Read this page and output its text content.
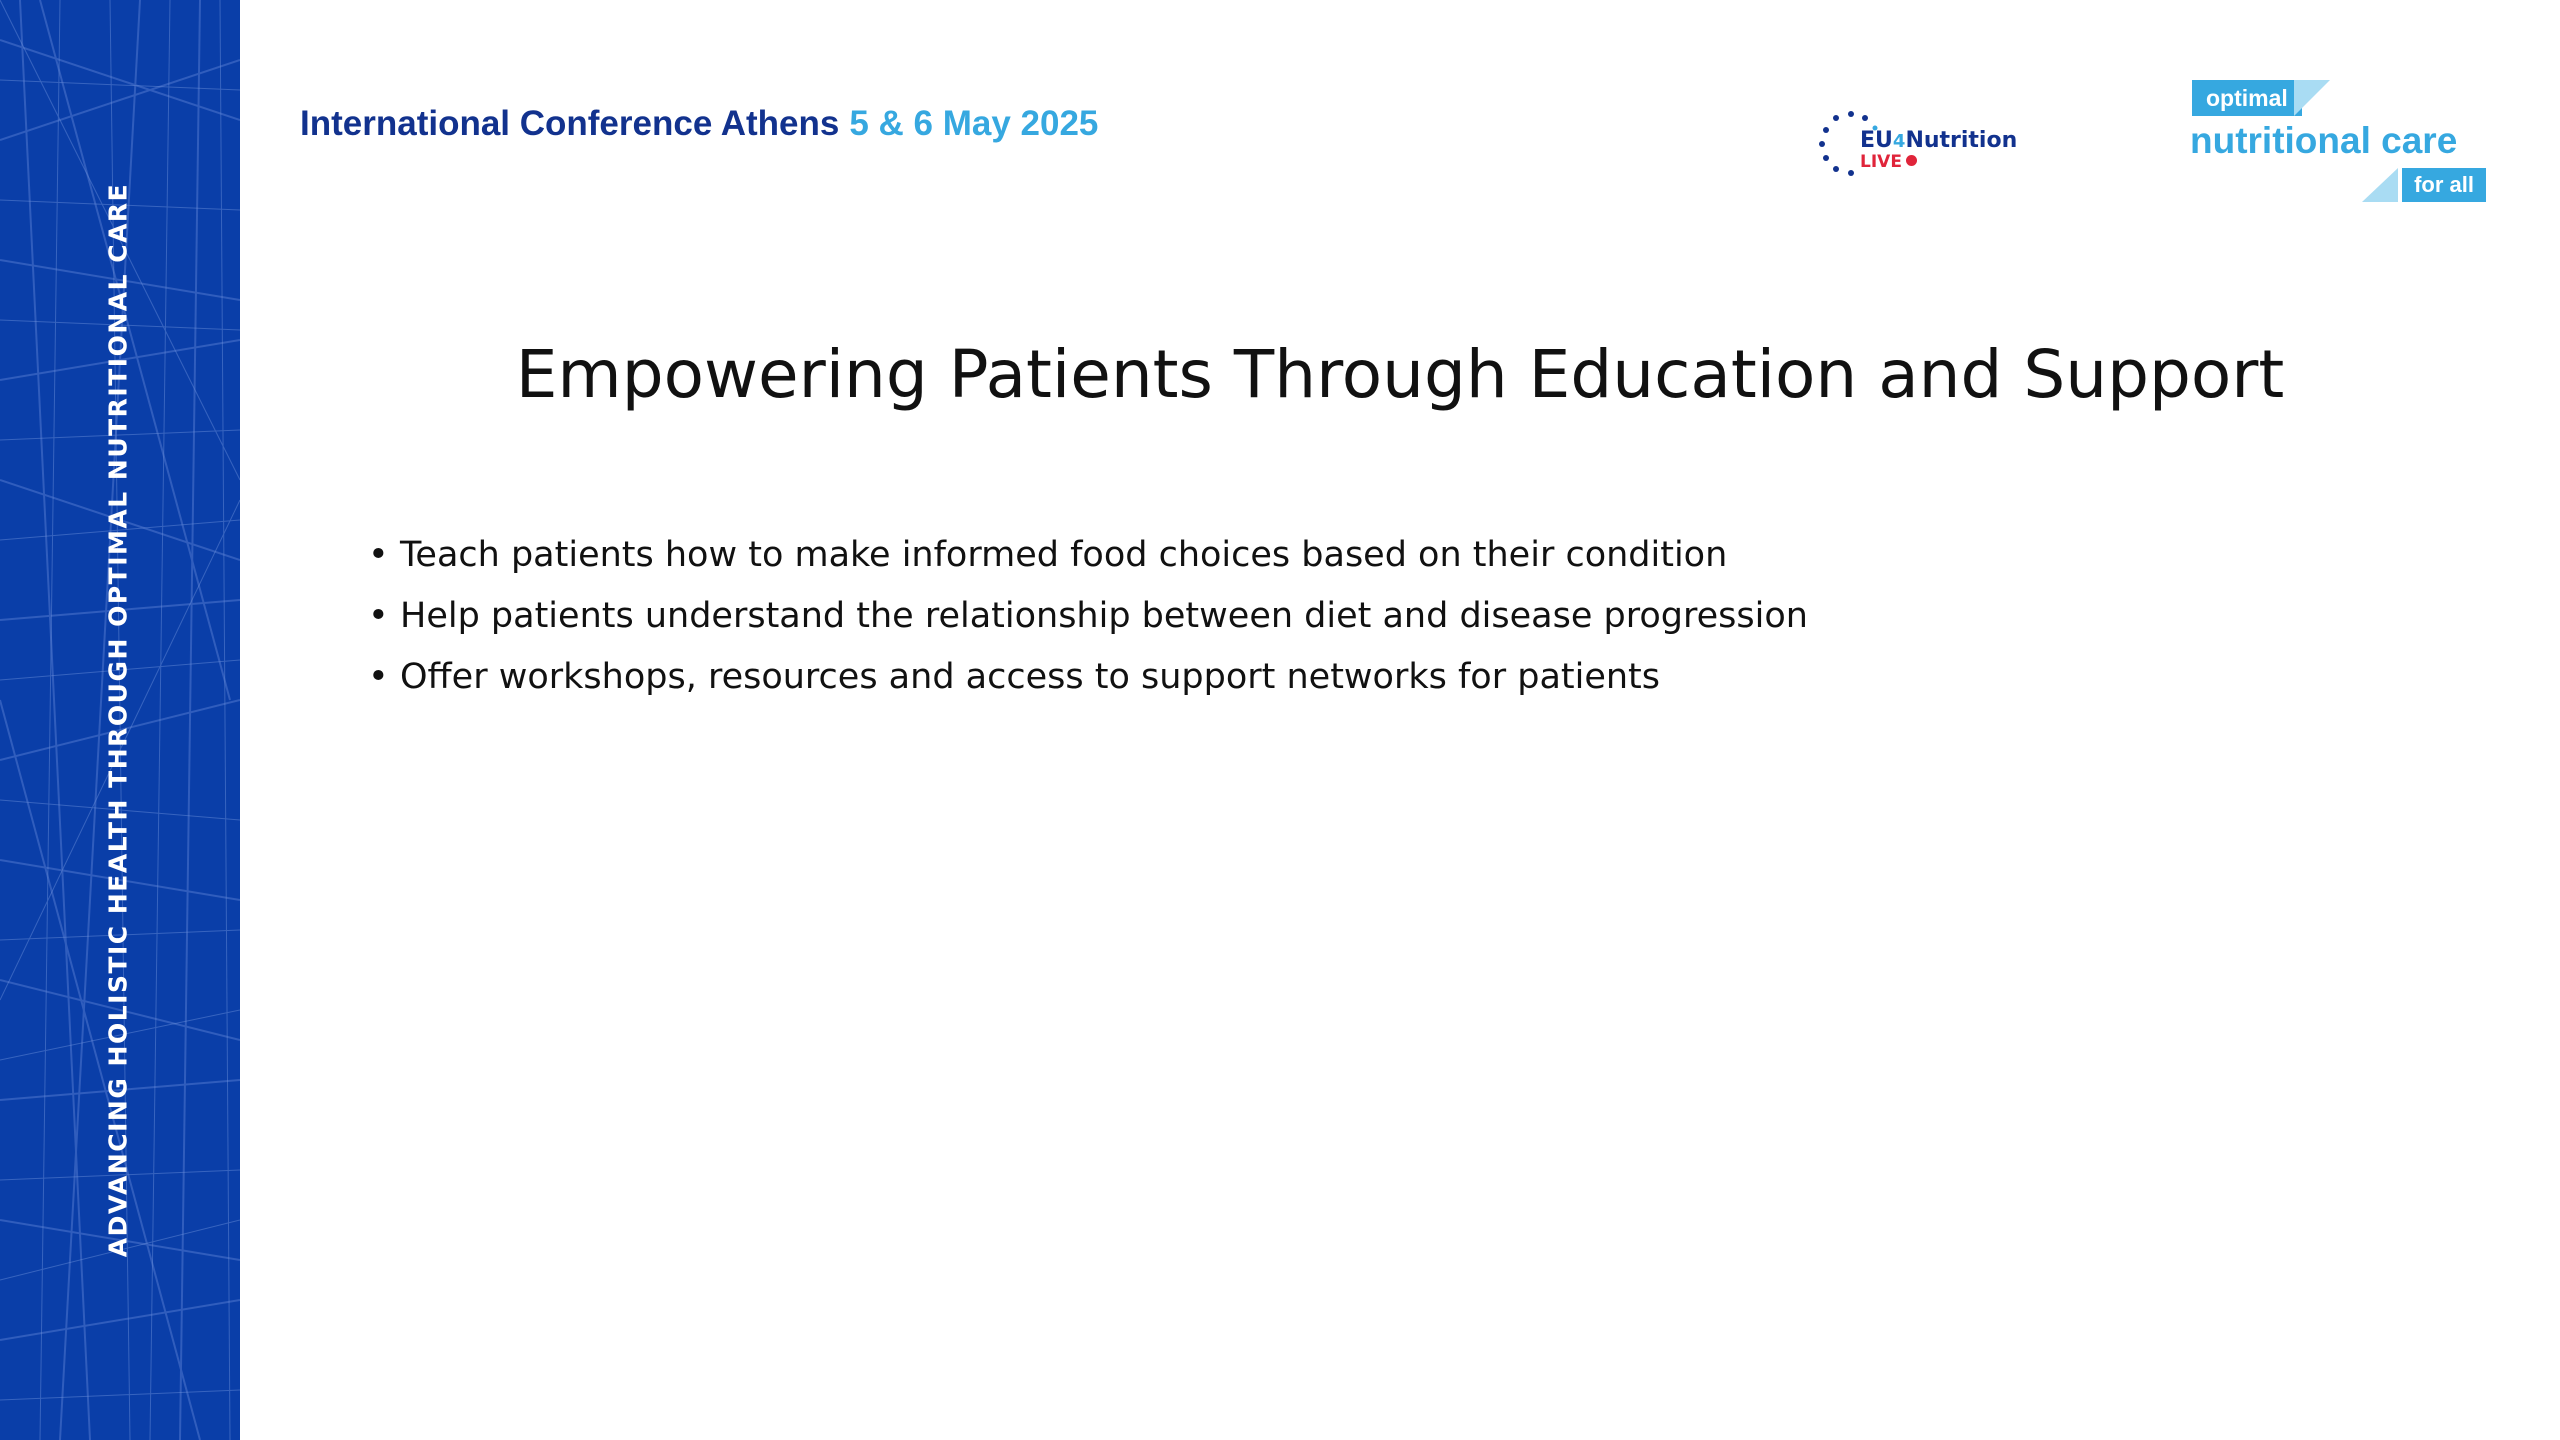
ADVANCING HOLISTIC HEALTH THROUGH OPTIMAL NUTRITIONAL CARE
International Conference Athens 5 & 6 May 2025	EU4Nutrition
LIVE
optimal
nutritional care
for all
Empowering Patients Through Education and Support
• Teach patients how to make informed food choices based on their condition
• Help patients understand the relationship between diet and disease progression
• Offer workshops, resources and access to support networks for patients
